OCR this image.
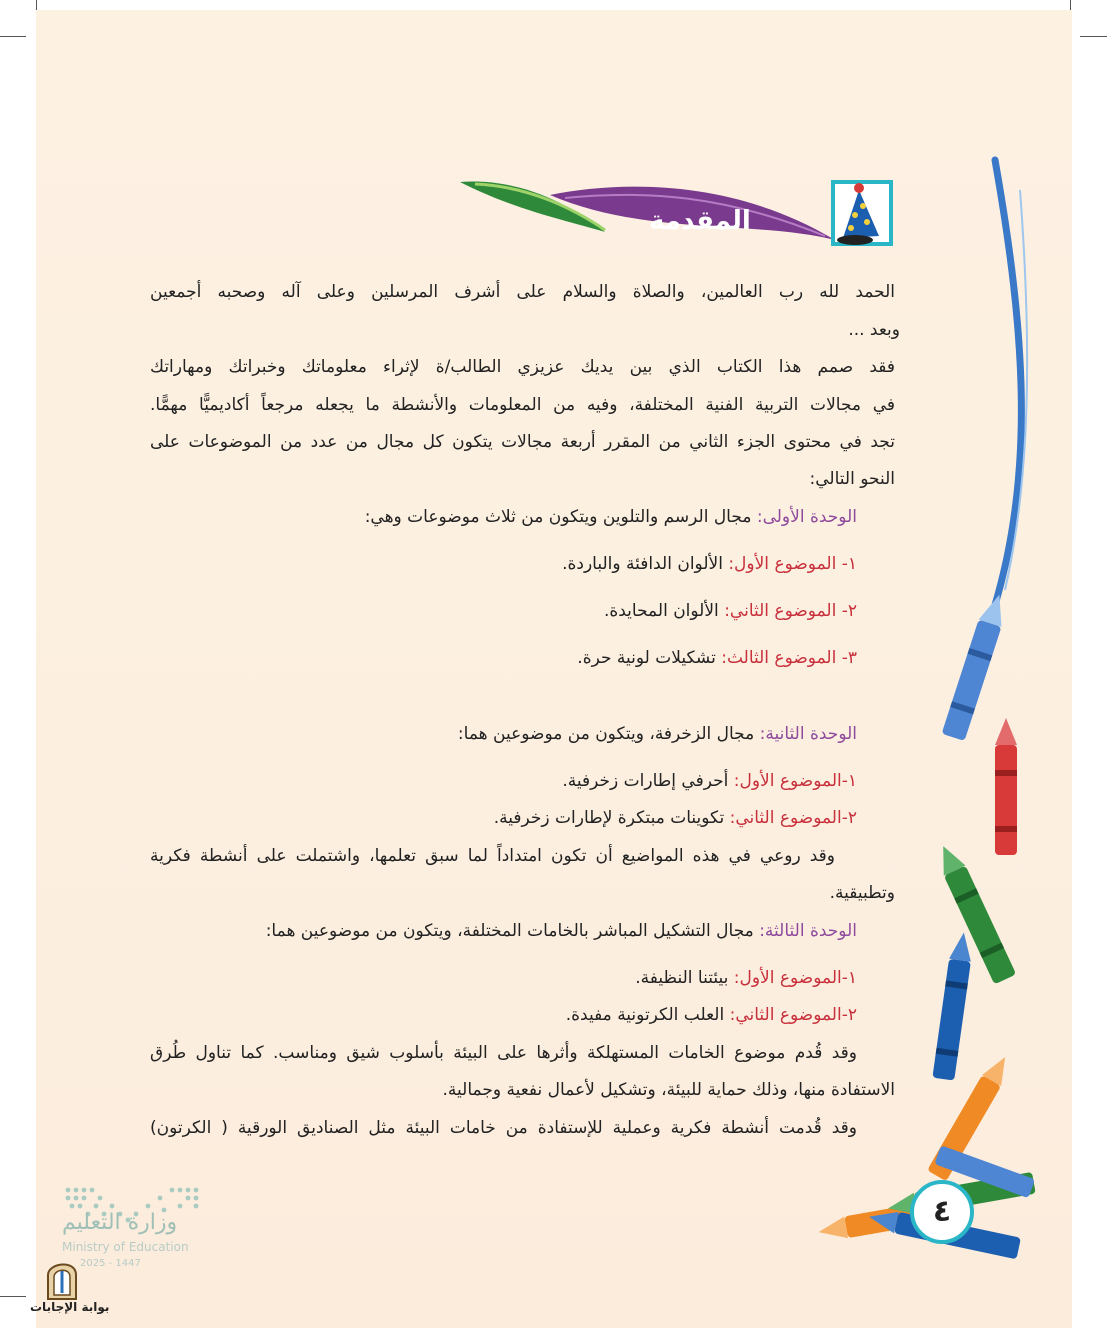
المقدمة
الحمد لله رب العالمين، والصلاة والسلام على أشرف المرسلين وعلى آله وصحبه أجمعين
وبعد ...
فقد صمم هذا الكتاب الذي بين يديك عزيزي الطالب/ة لإثراء معلوماتك وخبراتك ومهاراتك
في مجالات التربية الفنية المختلفة، وفيه من المعلومات والأنشطة ما يجعله مرجعاً أكاديميًّا مهمًّا.
تجد في محتوى الجزء الثاني من المقرر أربعة مجالات يتكون كل مجال من عدد من الموضوعات على
النحو التالي:
الوحدة الأولى: مجال الرسم والتلوين ويتكون من ثلاث موضوعات وهي:
١- الموضوع الأول: الألوان الدافئة والباردة.
٢- الموضوع الثاني: الألوان المحايدة.
٣- الموضوع الثالث: تشكيلات لونية حرة.
الوحدة الثانية: مجال الزخرفة، ويتكون من موضوعين هما:
١-الموضوع الأول: أحرفي إطارات زخرفية.
٢-الموضوع الثاني: تكوينات مبتكرة لإطارات زخرفية.
وقد روعي في هذه المواضيع أن تكون امتداداً لما سبق تعلمها، واشتملت على أنشطة فكرية
وتطبيقية.
الوحدة الثالثة: مجال التشكيل المباشر بالخامات المختلفة، ويتكون من موضوعين هما:
١-الموضوع الأول: بيئتنا النظيفة.
٢-الموضوع الثاني: العلب الكرتونية مفيدة.
وقد قُدم موضوع الخامات المستهلكة وأثرها على البيئة بأسلوب شيق ومناسب. كما تناول طُرق
الاستفادة منها، وذلك حماية للبيئة، وتشكيل لأعمال نفعية وجمالية.
وقد قُدمت أنشطة فكرية وعملية للإستفادة من خامات البيئة مثل الصناديق الورقية ( الكرتون)
٤
وزارة التعليم
Ministry of Education
2025 - 1447
بوابة الإجابات
